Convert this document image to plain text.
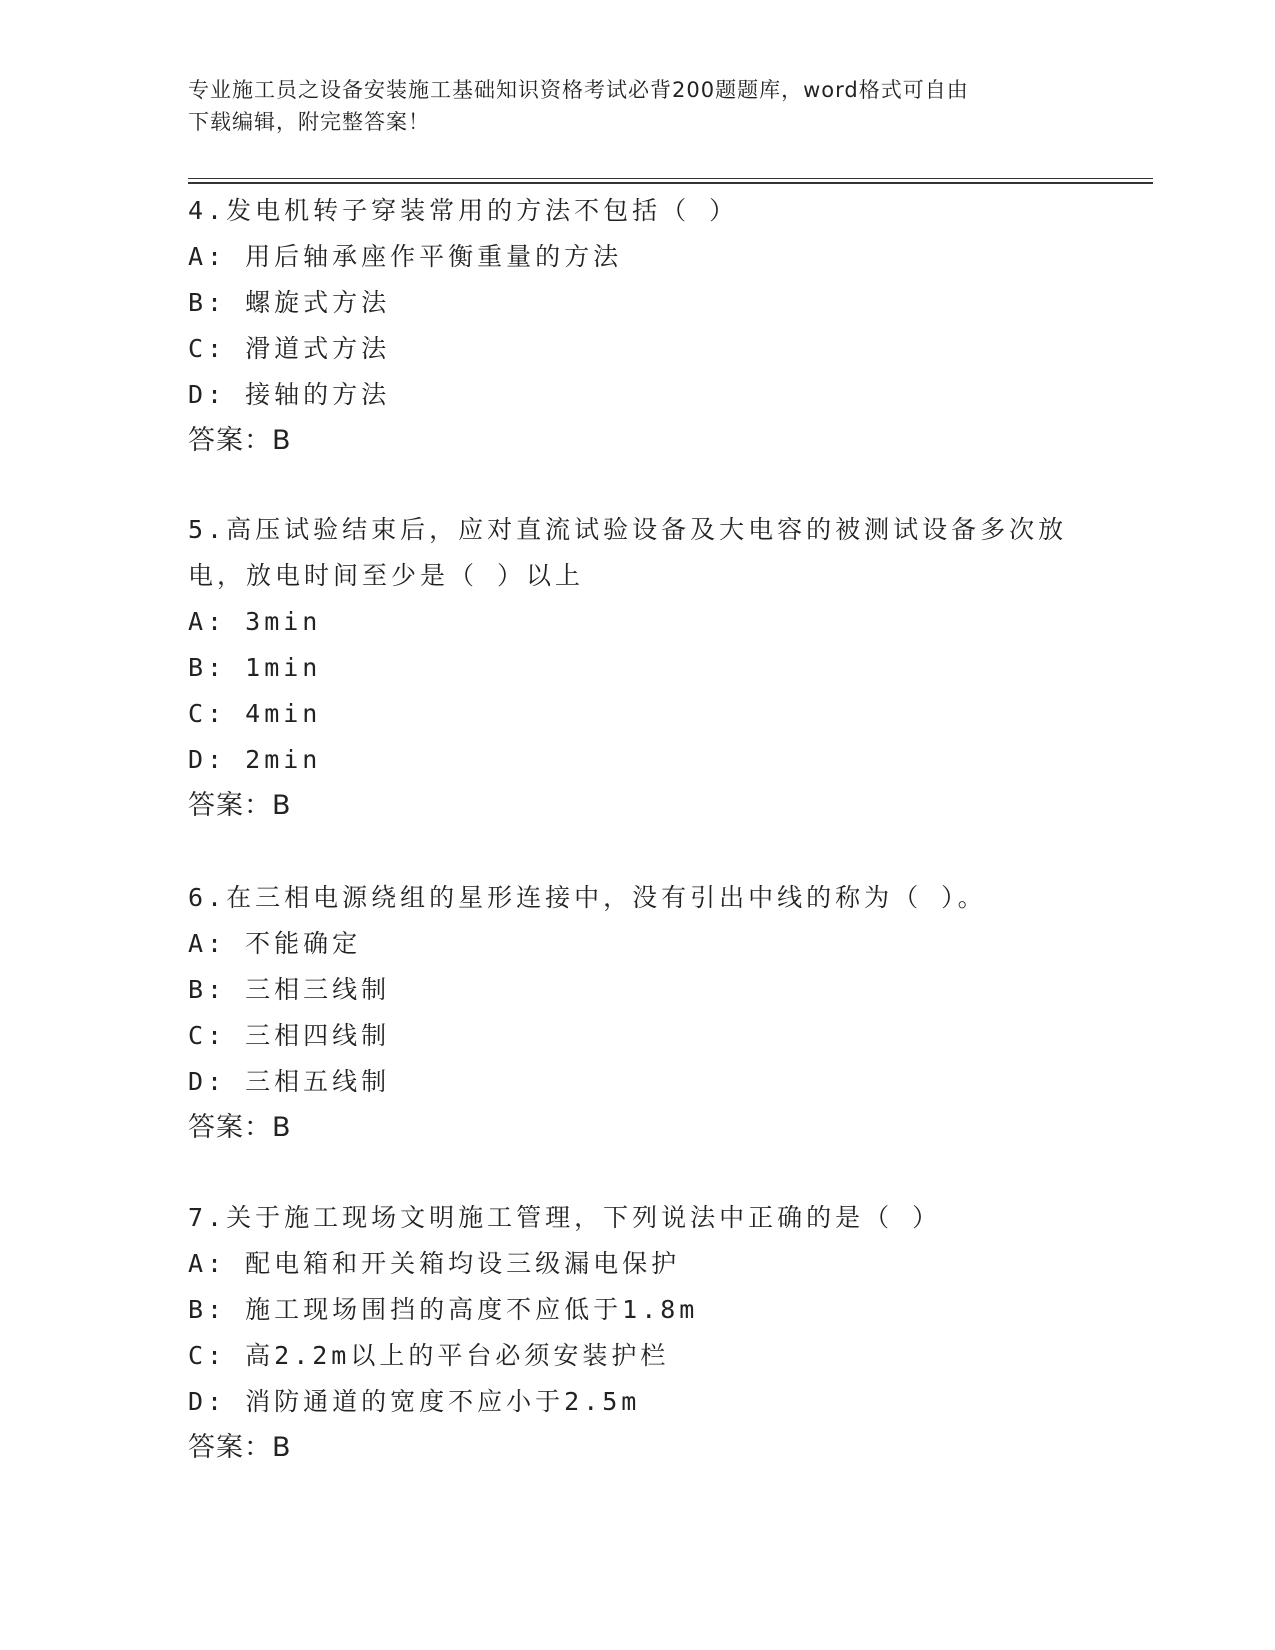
专业施工员之设备安装施工基础知识资格考试必背200题题库，word格式可自由
下载编辑，附完整答案！
4.发电机转子穿装常用的方法不包括（ ）
A: 用后轴承座作平衡重量的方法
B: 螺旋式方法
C: 滑道式方法
D: 接轴的方法
答案：B
5.高压试验结束后，应对直流试验设备及大电容的被测试设备多次放
电，放电时间至少是（ ）以上
A: 3min
B: 1min
C: 4min
D: 2min
答案：B
6.在三相电源绕组的星形连接中，没有引出中线的称为（ ）。
A: 不能确定
B: 三相三线制
C: 三相四线制
D: 三相五线制
答案：B
7.关于施工现场文明施工管理，下列说法中正确的是（ ）
A: 配电箱和开关箱均设三级漏电保护
B: 施工现场围挡的高度不应低于1.8m
C: 高2.2m以上的平台必须安装护栏
D: 消防通道的宽度不应小于2.5m
答案：B
